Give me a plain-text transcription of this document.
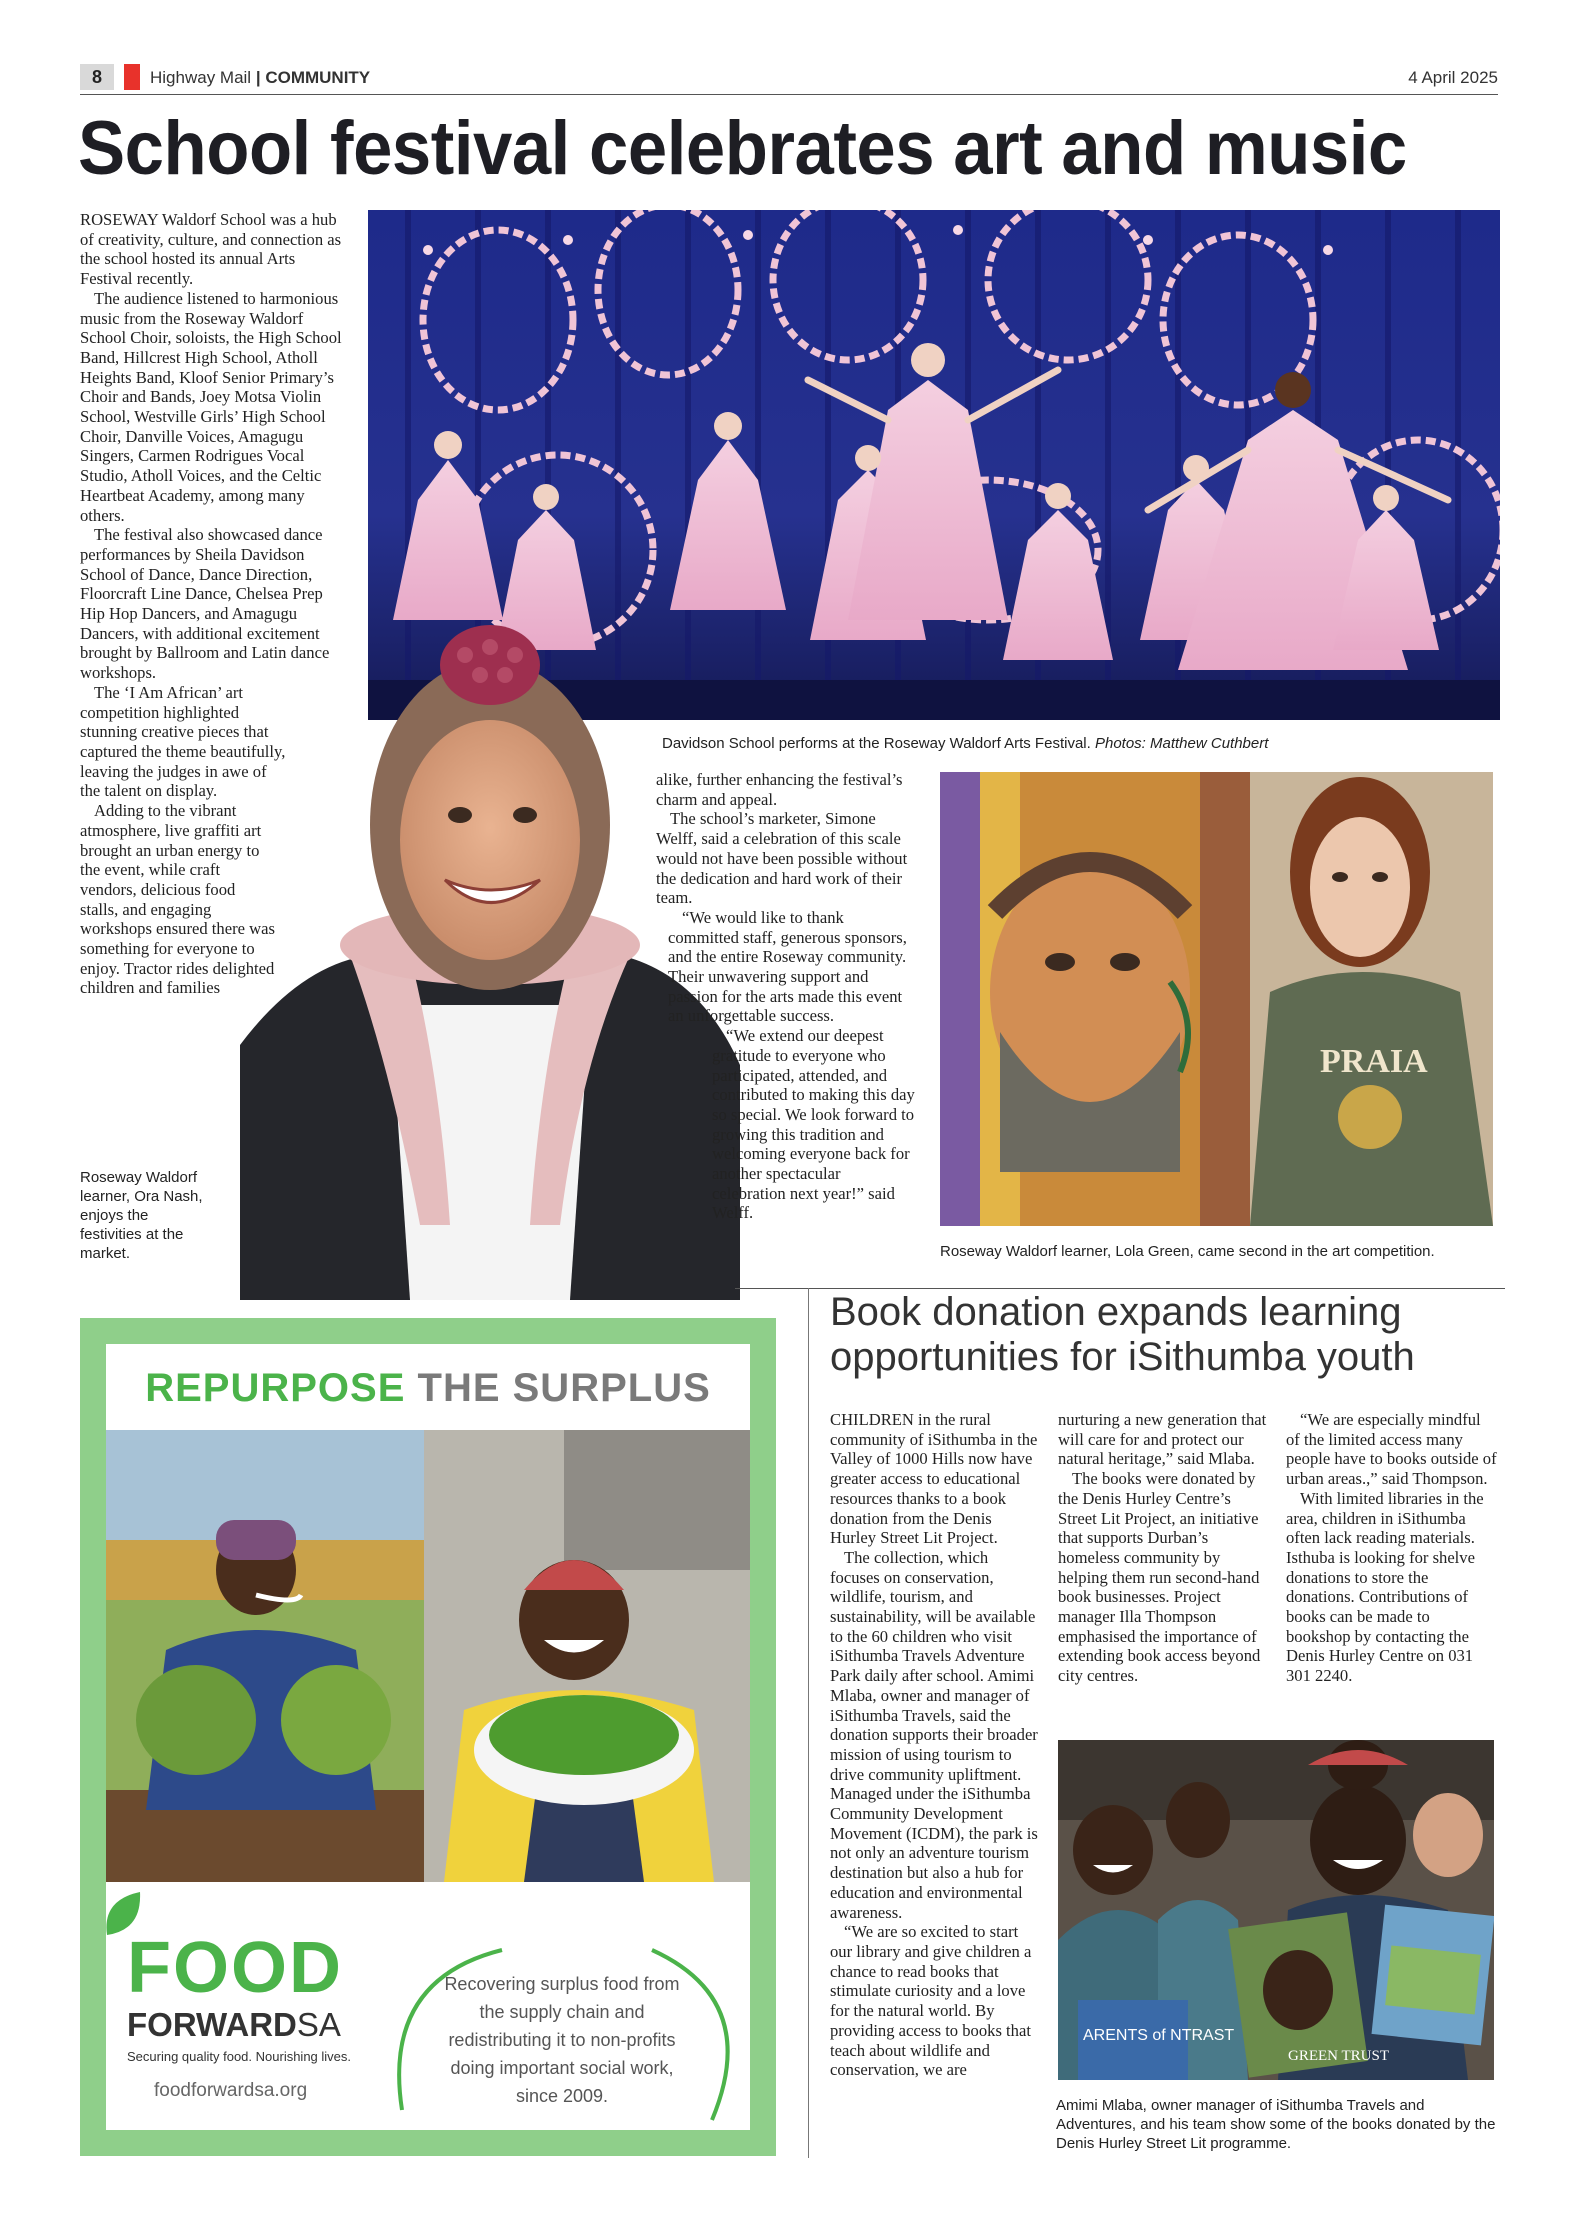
8	Highway Mail | COMMUNITY	4 April 2025
School festival celebrates art and music
Davidson School performs at the Roseway Waldorf Arts Festival. Photos: Matthew Cuthbert

ROSEWAY Waldorf School was a hub of creativity, culture, and connection as the school hosted its annual Arts Festival recently.

The audience listened to harmonious music from the Roseway Waldorf School Choir, soloists, the High School Band, Hillcrest High School, Atholl Heights Band, Kloof Senior Primary’s Choir and Bands, Joey Motsa Violin School, Westville Girls’ High School Choir, Danville Voices, Amagugu Singers, Carmen Rodrigues Vocal Studio, Atholl Voices, and the Celtic Heartbeat Academy, among many others.

The festival also showcased dance performances by Sheila Davidson School of Dance, Dance Direction, Floorcraft Line Dance, Chelsea Prep Hip Hop Dancers, and Amagugu Dancers, with additional excitement brought by Ballroom and Latin dance workshops.

The ‘I Am African’ art competition highlighted stunning creative pieces that captured the theme beautifully, leaving the judges in awe of the talent on display.

Adding to the vibrant atmosphere, live graffiti art brought an urban energy to the event, while craft vendors, delicious food stalls, and engaging workshops ensured there was something for everyone to enjoy. Tractor rides delighted children and families

Roseway Waldorf learner, Ora Nash, enjoys the festivities at the market.

alike, further enhancing the festival’s charm and appeal.

The school’s marketer, Simone Welff, said a celebration of this scale would not have been possible without the dedication and hard work of their team.

“We would like to thank committed staff, generous sponsors, and the entire Roseway community. Their unwavering support and passion for the arts made this event an unforgettable success.

“We extend our deepest gratitude to everyone who participated, attended, and contributed to making this day so special. We look forward to growing this tradition and welcoming everyone back for another spectacular celebration next year!” said Welff.

PRAIA
Roseway Waldorf learner, Lola Green, came second in the art competition.
REPURPOSE THE SURPLUS
FOOD
FORWARDSA
Securing quality food. Nourishing lives.
foodforwardsa.org
Recovering surplus food from the supply chain and redistributing it to non-profits doing important social work, since 2009.
Book donation expands learning opportunities for iSithumba youth

CHILDREN in the rural community of iSithumba in the Valley of 1000 Hills now have greater access to educational resources thanks to a book donation from the Denis Hurley Street Lit Project.

The collection, which focuses on conservation, wildlife, tourism, and sustainability, will be available to the 60 children who visit iSithumba Travels Adventure Park daily after school. Amimi Mlaba, owner and manager of iSithumba Travels, said the donation supports their broader mission of using tourism to drive community upliftment. Managed under the iSithumba Community Development Movement (ICDM), the park is not only an adventure tourism destination but also a hub for education and environmental awareness.

“We are so excited to start our library and give children a chance to read books that stimulate curiosity and a love for the natural world. By providing access to books that teach about wildlife and conservation, we are

nurturing a new generation that will care for and protect our natural heritage,” said Mlaba.

The books were donated by the Denis Hurley Centre’s Street Lit Project, an initiative that supports Durban’s homeless community by helping them run second-hand book businesses. Project manager Illa Thompson emphasised the importance of extending book access beyond city centres.

“We are especially mindful of the limited access many people have to books outside of urban areas.,” said Thompson.

With limited libraries in the area, children in iSithumba often lack reading materials. Isthuba is looking for shelve donations to store the donations. Contributions of books can be made to bookshop by contacting the Denis Hurley Centre on 031 301 2240.

ARENTS of NTRAST
GREEN TRUST
Amimi Mlaba, owner manager of iSithumba Travels and Adventures, and his team show some of the books donated by the Denis Hurley Street Lit programme.
